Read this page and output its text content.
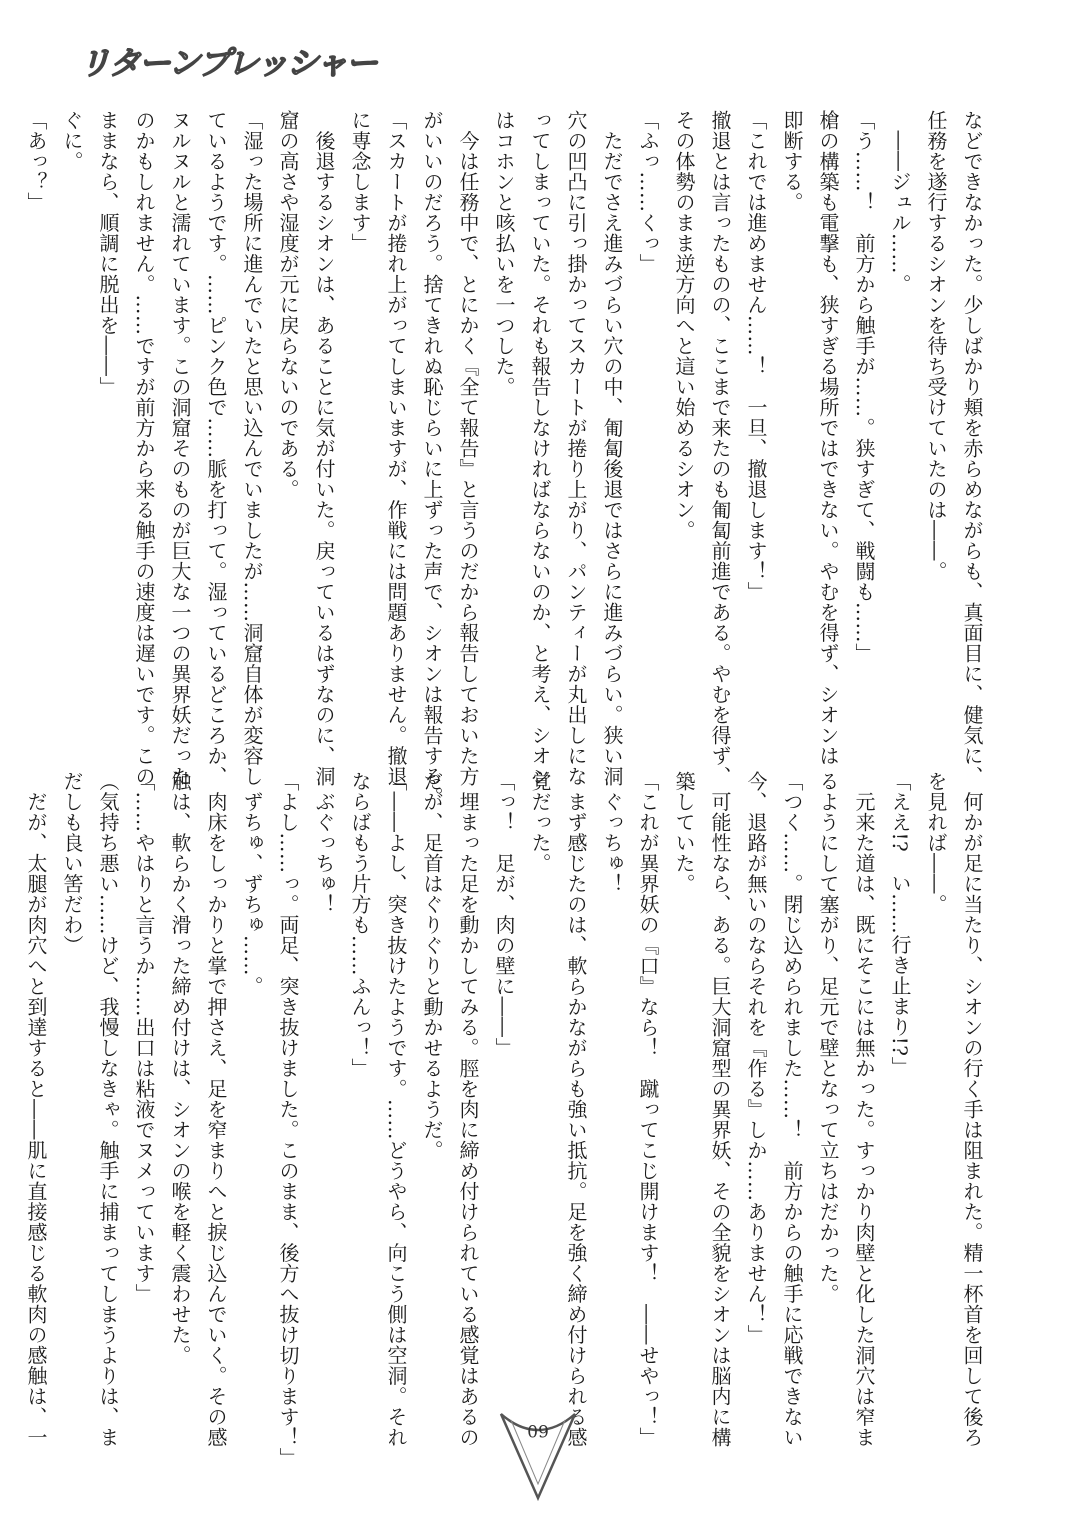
リターンプレッシャー
などできなかった。少しばかり頬を赤らめながらも、真面目に、健気に、
任務を遂行するシオンを待ち受けていたのは――。
　――ジュル……。
「う……！　前方から触手が……。狭すぎて、戦闘も……」
槍の構築も電撃も、狭すぎる場所ではできない。やむを得ず、シオンは
即断する。
「これでは進めません……！　一旦、撤退します！」
撤退とは言ったものの、ここまで来たのも匍匐前進である。やむを得ず、
その体勢のまま逆方向へと這い始めるシオン。
「ふっ……くっ」
　ただでさえ進みづらい穴の中、匍匐後退ではさらに進みづらい。狭い洞
穴の凹凸に引っ掛かってスカートが捲り上がり、パンティーが丸出しにな
ってしまっていた。それも報告しなければならないのか、と考え、シオン
はコホンと咳払いを一つした。
　今は任務中で、とにかく『全て報告』と言うのだから報告しておいた方
がいいのだろう。捨てきれぬ恥じらいに上ずった声で、シオンは報告する。
「スカートが捲れ上がってしまいますが、作戦には問題ありません。撤退
に専念します」
　後退するシオンは、あることに気が付いた。戻っているはずなのに、洞
窟の高さや湿度が元に戻らないのである。
「湿った場所に進んでいたと思い込んでいましたが……洞窟自体が変容し
ているようです。……ピンク色で……脈を打って。湿っているどころか、
ヌルヌルと濡れています。この洞窟そのものが巨大な一つの異界妖だった
のかもしれません。……ですが前方から来る触手の速度は遅いです。この
ままなら、順調に脱出を――」
ぐに。
「あっ？」
　何かが足に当たり、シオンの行く手は阻まれた。精一杯首を回して後ろ
を見れば――。
「ええ!?　い……行き止まり!?」
　元来た道は、既にそこには無かった。すっかり肉壁と化した洞穴は窄ま
るようにして塞がり、足元で壁となって立ちはだかった。
「つく……。閉じ込められました……！　前方からの触手に応戦できない
今、退路が無いのならそれを『作る』しか……ありません！」
　可能性なら、ある。巨大洞窟型の異界妖、その全貌をシオンは脳内に構
築していた。
「これが異界妖の『口』なら！　蹴ってこじ開けます！　――せやっ！」
　ぐっちゅ！
　まず感じたのは、軟らかながらも強い抵抗。足を強く締め付けられる感
覚だった。
「っ！　足が、肉の壁に――」
　埋まった足を動かしてみる。脛を肉に締め付けられている感覚はあるの
だが、足首はぐりぐりと動かせるようだ。
「――よし、突き抜けたようです。……どうやら、向こう側は空洞。それ
ならばもう片方も……ふんっ！」
　ぶぐっちゅ！
「よし……っ。両足、突き抜けました。このまま、後方へ抜け切ります！」
　ずちゅ、ずちゅ……。
　肉床をしっかりと掌で押さえ、足を窄まりへと捩じ込んでいく。その感
触は、軟らかく滑った締め付けは、シオンの喉を軽く震わせた。
「……やはりと言うか……出口は粘液でヌメっています」
（気持ち悪い……けど、我慢しなきゃ。触手に捕まってしまうよりは、ま
だしも良い筈だわ）
　だが、太腿が肉穴へと到達すると――肌に直接感じる軟肉の感触は、一	60
